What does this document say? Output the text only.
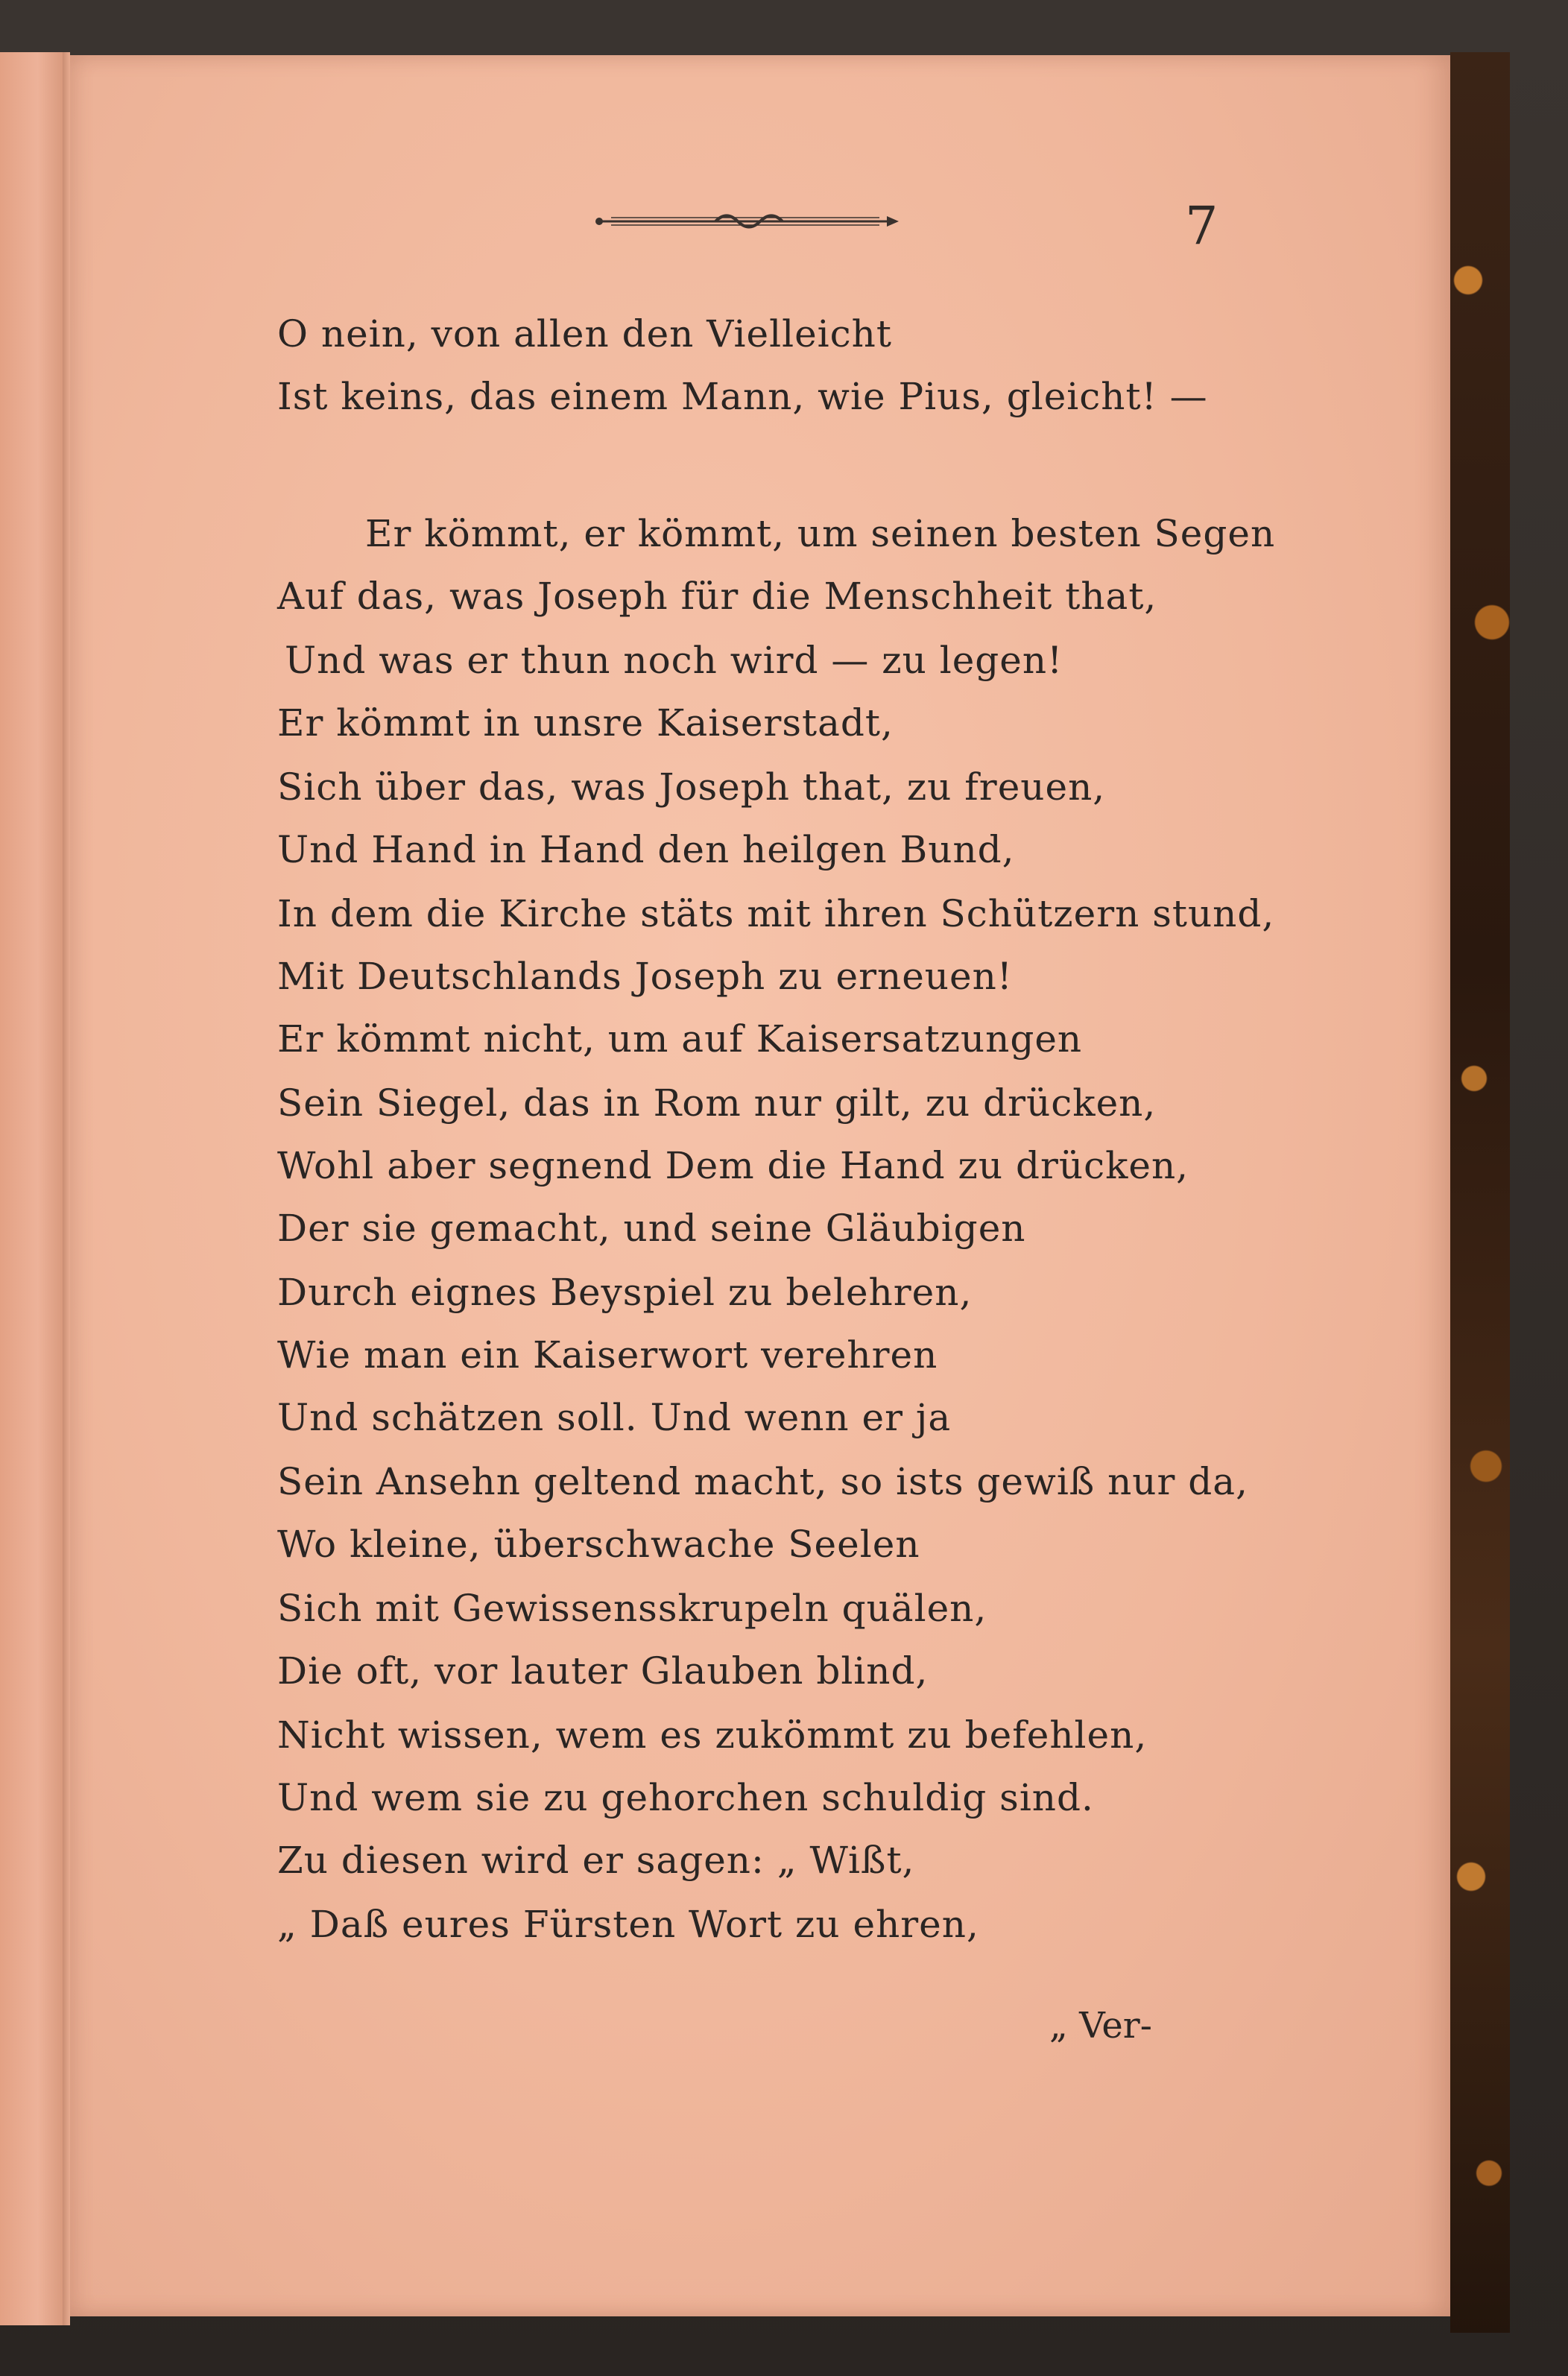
7
O nein, von allen den Vielleicht
Ist keins, das einem Mann, wie Pius, gleicht! —
Er kömmt, er kömmt, um seinen besten Segen
Auf das, was Joseph für die Menschheit that,
Und was er thun noch wird — zu legen!
Er kömmt in unsre Kaiserstadt,
Sich über das, was Joseph that, zu freuen,
Und Hand in Hand den heilgen Bund,
In dem die Kirche stäts mit ihren Schützern stund,
Mit Deutschlands Joseph zu erneuen!
Er kömmt nicht, um auf Kaisersatzungen
Sein Siegel, das in Rom nur gilt, zu drücken,
Wohl aber segnend Dem die Hand zu drücken,
Der sie gemacht, und seine Gläubigen
Durch eignes Beyspiel zu belehren,
Wie man ein Kaiserwort verehren
Und schätzen soll. Und wenn er ja
Sein Ansehn geltend macht, so ists gewiß nur da,
Wo kleine, überschwache Seelen
Sich mit Gewissensskrupeln quälen,
Die oft, vor lauter Glauben blind,
Nicht wissen, wem es zukömmt zu befehlen,
Und wem sie zu gehorchen schuldig sind.
Zu diesen wird er sagen: „ Wißt,
„ Daß eures Fürsten Wort zu ehren,
„ Ver-
